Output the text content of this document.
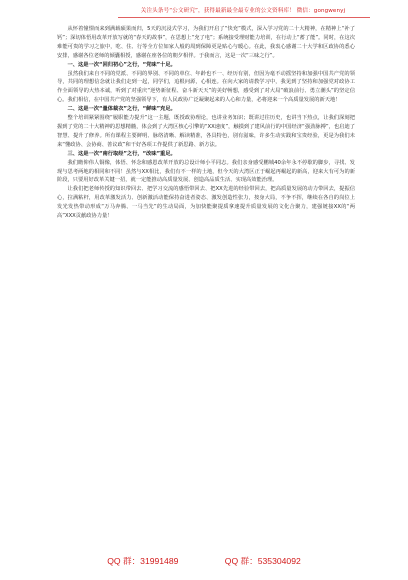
关注头条号“公文研究”，获得最新最全最专业的公文资料库！ 微信：gongwenyj

从怀着憧憬而来到满载硕果而归，5天的沉浸式学习，为我们开启了“快充”模式，深入学习党的二十大精神，在精神上“补了钙”；深切体悟用改革开放写就的“春天的故事”，在思想上“充了电”；系统接受理财能力培训，在行动上“蓄了能”。同时，在这次难能可贵的学习之旅中，吃、住、行等全方位如家人般的周到保障更是贴心与暖心。在此，我衷心感谢二十大学和区政协的悉心安排，感谢各位老师的倾囊相授，感谢在座各位的朝夕相伴。于我而言，这是一次“三味之行”。

一、这是一次“回归初心”之行，“党味”十足。

虽然我们来自不同的党派、不同的界别、不同的单位、年龄也不一、经历有别，但因为毫不动摇坚持和加强中国共产党的领导，共同的理想信念就让我们走到一起，同学们，追根问源，心相连。在向大家的请教学习中，我见到了坚持和加强党对政协工作全面领导的大热本诚，听到了对重庆“逆势新征程、奋斗新天天”的美好畅想，感受到了对大局“破浪前行、勇立潮头”的坚定信心。我们相信，在中国共产党的坚强领导下，有人民政协广泛凝聚起来的人心和力量，必将迎来一个高质量发展的新天地！

二、这是一次“量体裁衣”之行，“鲜味”充足。

整个培训紧紧围绕“履职能力提升”这一主题，既授政协理论，也讲业务知识；既讲过往历史，也讲当下热点，让我们深刻把握到了党的二十大精神的思想精髓，体会到了大湾区核心引擎的“XX速度”，触摸到了建风前行的中国经济“强劲脉搏”，也启迪了智慧、提升了修养。所有课程主要鲜明、脉络清晰、解读精准，各具特色，别有滋味，许多生动实践和宝贵经验，更是为我们未来“懂政协、会协商、善议政”和干好各项工作提供了新思路、新方法。

三、这是一次“南行取经”之行，“改味”重足。

我们瞻仰伟人铜像，体悟、怀念和感恩改革开放的总设计师小平同志。我们亲身感受鹏城40余年永不停歇的脚步，寻找、发现与思考两地的相同和不同！虽然与XX相比，我们有不一样的土地，但今天的大湾区正于崛起再崛起的新高，迎来大有可为的新阶段，只要用好改革关键一招，就一定能推动高质量发展、创造高品质生活、实现高效能治理。

让我们把老师传授的知识带回去、把学习交流的感悟带回去、把XX先进的经验带回去，把高质量发展的动力带回去，提振信心，拉满粘杆，用改革激发活力、创新激活动能保持奋进者姿态、激发创造性张力，按身大局，不争不挥，继续在各自的岗位上发光发热带动形成“万马奔腾、一马当先”的生动局面，为加快能聚提质拿速提升质量发展的文化合聚力，建强链接XX的“两高”XXX贡献政协力量！

QQ 群：31991489	QQ 群：535304092
